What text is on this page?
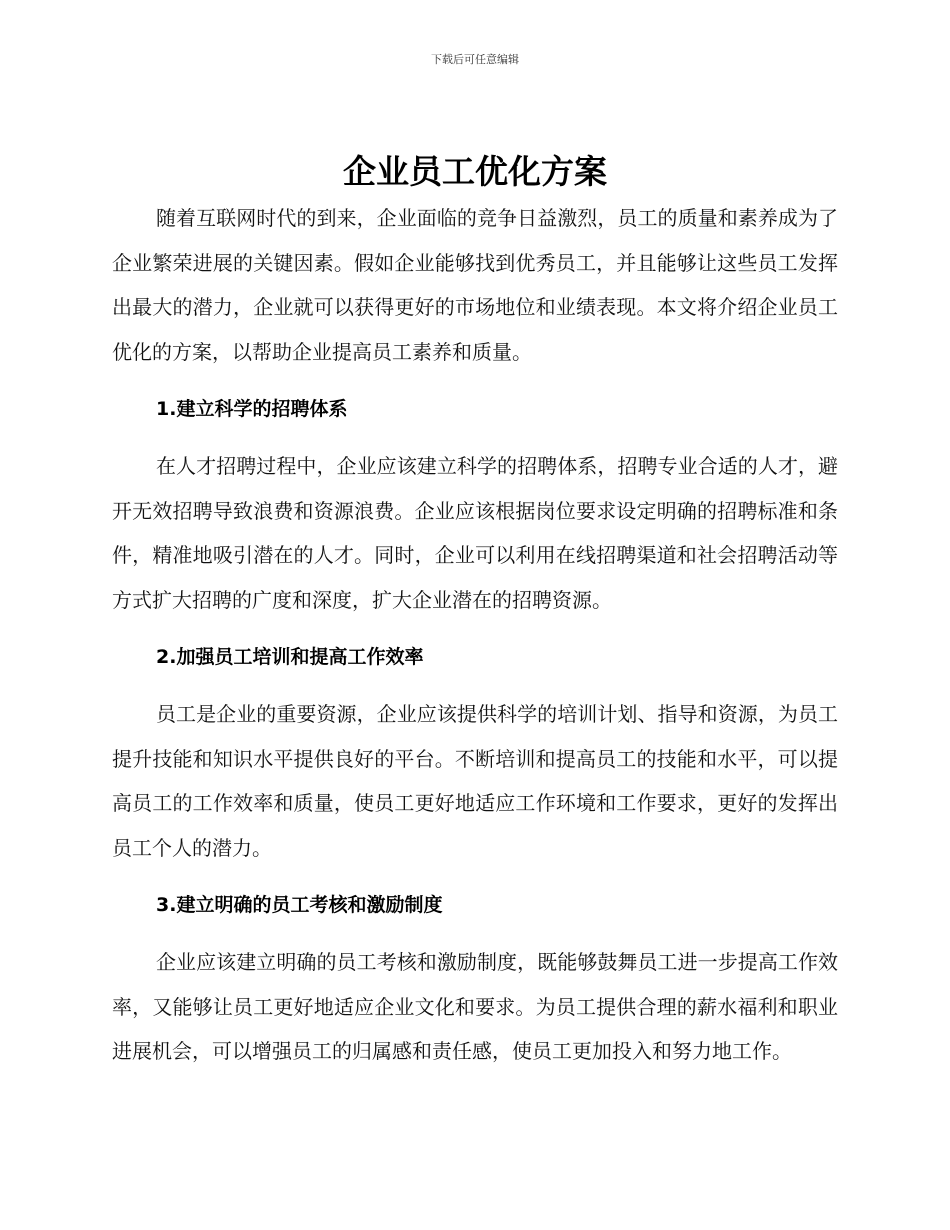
下载后可任意编辑
企业员工优化方案

随着互联网时代的到来，企业面临的竞争日益激烈，员工的质量和素养成为了企业繁荣进展的关键因素。假如企业能够找到优秀员工，并且能够让这些员工发挥出最大的潜力，企业就可以获得更好的市场地位和业绩表现。本文将介绍企业员工优化的方案，以帮助企业提高员工素养和质量。

1.建立科学的招聘体系

在人才招聘过程中，企业应该建立科学的招聘体系，招聘专业合适的人才，避开无效招聘导致浪费和资源浪费。企业应该根据岗位要求设定明确的招聘标准和条件，精准地吸引潜在的人才。同时，企业可以利用在线招聘渠道和社会招聘活动等方式扩大招聘的广度和深度，扩大企业潜在的招聘资源。

2.加强员工培训和提高工作效率

员工是企业的重要资源，企业应该提供科学的培训计划、指导和资源，为员工提升技能和知识水平提供良好的平台。不断培训和提高员工的技能和水平，可以提高员工的工作效率和质量，使员工更好地适应工作环境和工作要求，更好的发挥出员工个人的潜力。

3.建立明确的员工考核和激励制度

企业应该建立明确的员工考核和激励制度，既能够鼓舞员工进一步提高工作效率，又能够让员工更好地适应企业文化和要求。为员工提供合理的薪水福利和职业进展机会，可以增强员工的归属感和责任感，使员工更加投入和努力地工作。
